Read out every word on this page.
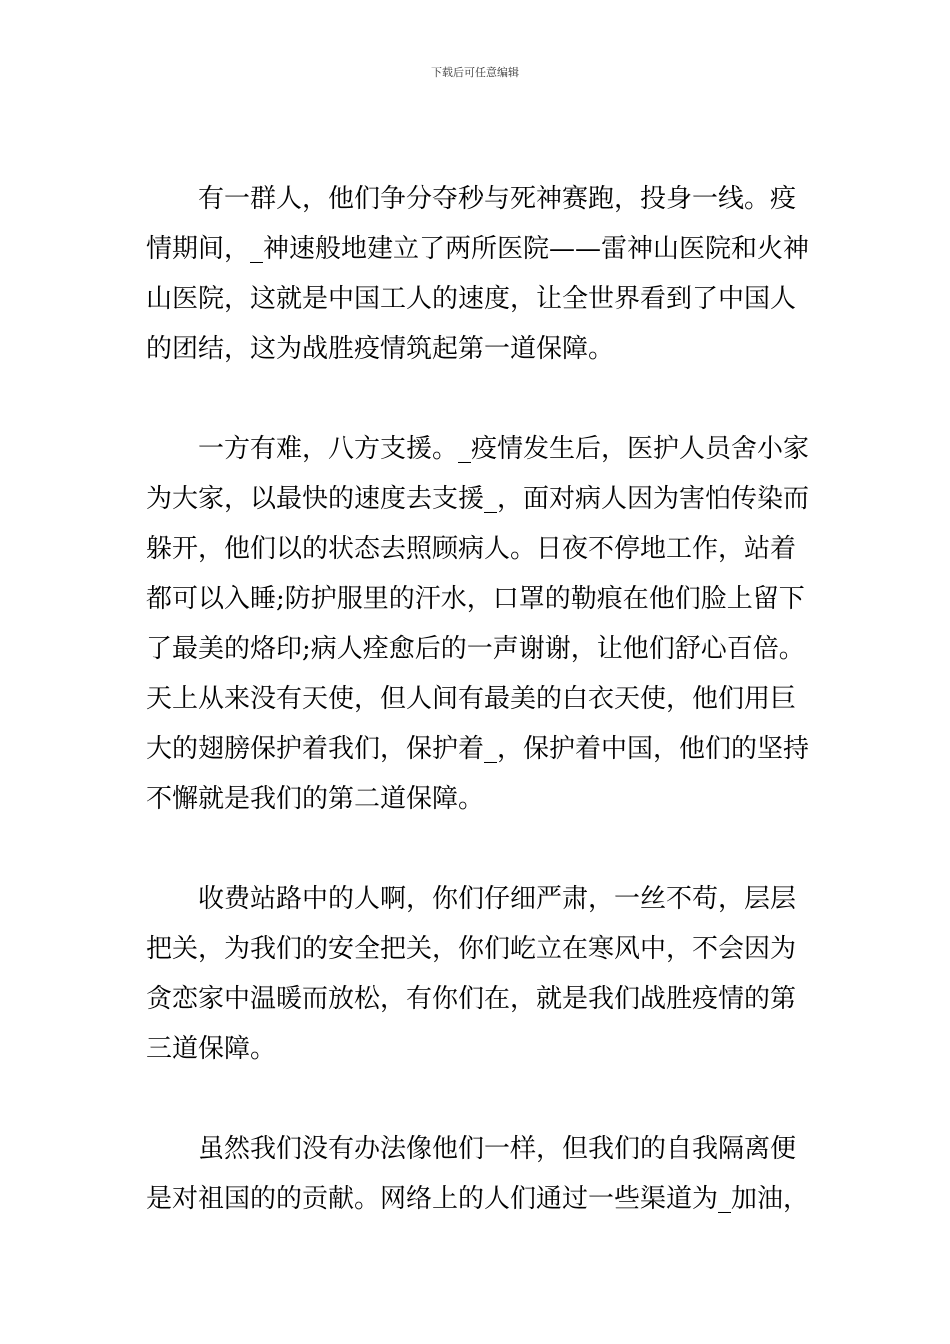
下载后可任意编辑
有一群人，他们争分夺秒与死神赛跑，投身一线。疫
情期间，_神速般地建立了两所医院——雷神山医院和火神
山医院，这就是中国工人的速度，让全世界看到了中国人
的团结，这为战胜疫情筑起第一道保障。
一方有难，八方支援。_疫情发生后，医护人员舍小家
为大家，以最快的速度去支援_，面对病人因为害怕传染而
躲开，他们以的状态去照顾病人。日夜不停地工作，站着
都可以入睡;防护服里的汗水，口罩的勒痕在他们脸上留下
了最美的烙印;病人痊愈后的一声谢谢，让他们舒心百倍。
天上从来没有天使，但人间有最美的白衣天使，他们用巨
大的翅膀保护着我们，保护着_，保护着中国，他们的坚持
不懈就是我们的第二道保障。
收费站路中的人啊，你们仔细严肃，一丝不苟，层层
把关，为我们的安全把关，你们屹立在寒风中，不会因为
贪恋家中温暖而放松，有你们在，就是我们战胜疫情的第
三道保障。
虽然我们没有办法像他们一样，但我们的自我隔离便
是对祖国的的贡献。网络上的人们通过一些渠道为_加油，
